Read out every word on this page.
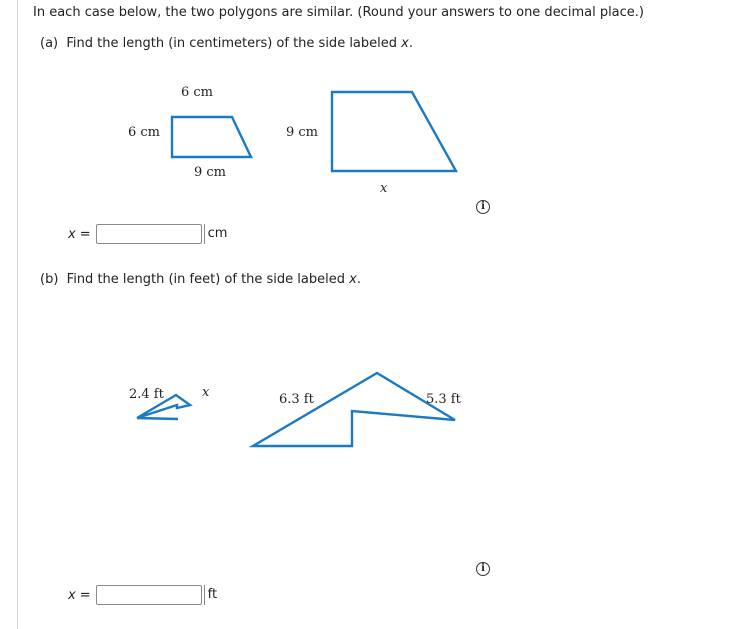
In each case below, the two polygons are similar. (Round your answers to one decimal place.)
(a) Find the length (in centimeters) of the side labeled x.
6 cm
6 cm
9 cm
9 cm
x
i
x =	cm
(b) Find the length (in feet) of the side labeled x.
2.4 ft	x	6.3 ft	5.3 ft
i
x =	ft
